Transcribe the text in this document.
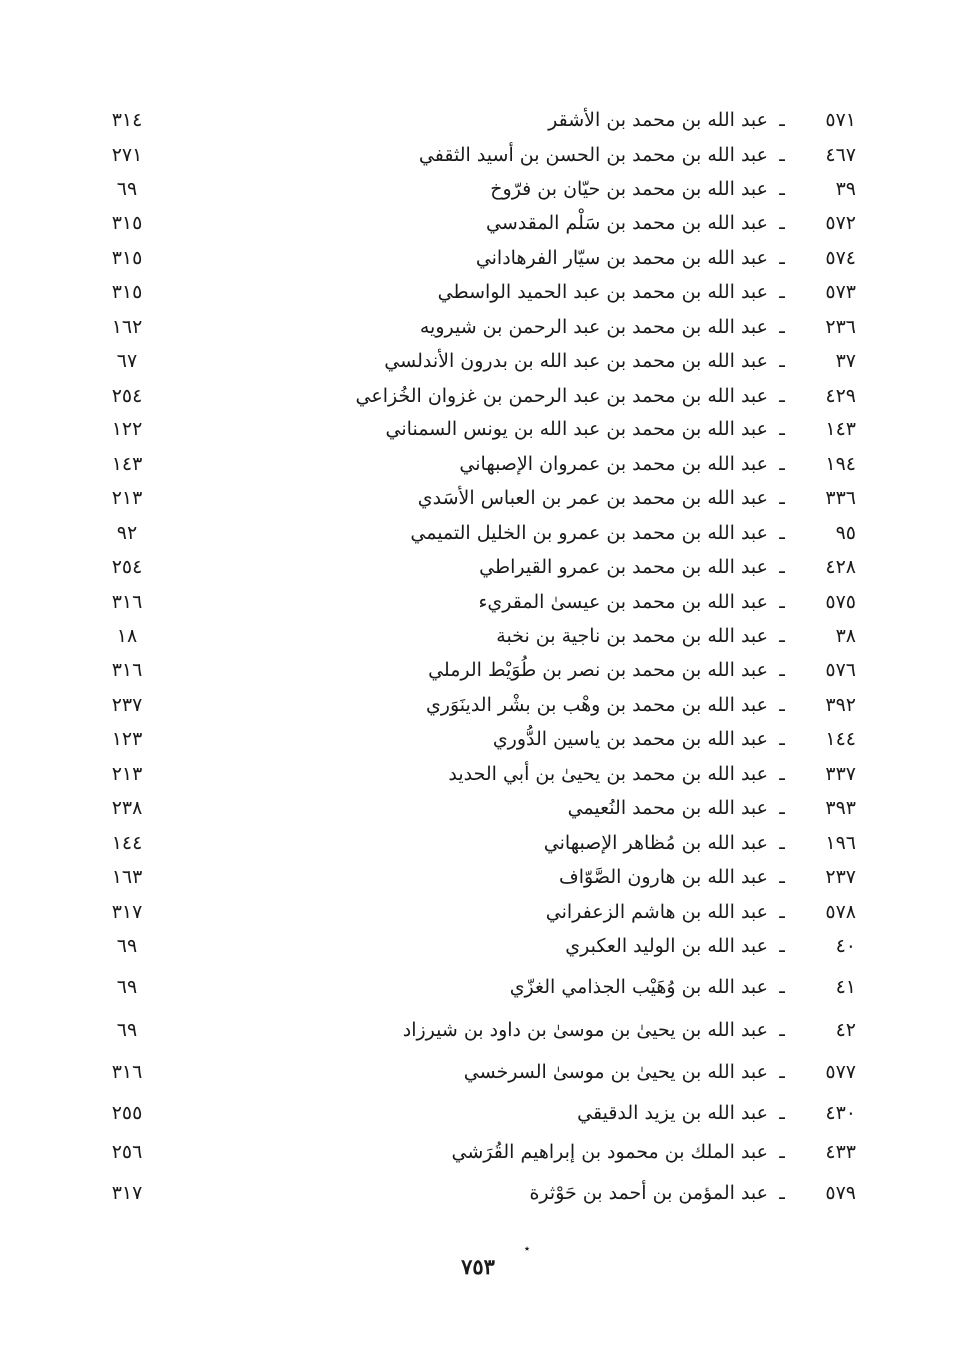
٥٧١
ـ
عبد الله بن محمد بن الأشقر
٣١٤
٤٦٧
ـ
عبد الله بن محمد بن الحسن بن أسيد الثقفي
٢٧١
٣٩
ـ
عبد الله بن محمد بن حيّان بن فرّوخ
٦٩
٥٧٢
ـ
عبد الله بن محمد بن سَلْم المقدسي
٣١٥
٥٧٤
ـ
عبد الله بن محمد بن سيّار الفرهاداني
٣١٥
٥٧٣
ـ
عبد الله بن محمد بن عبد الحميد الواسطي
٣١٥
٢٣٦
ـ
عبد الله بن محمد بن عبد الرحمن بن شيرويه
١٦٢
٣٧
ـ
عبد الله بن محمد بن عبد الله بن بدرون الأندلسي
٦٧
٤٢٩
ـ
عبد الله بن محمد بن عبد الرحمن بن غزوان الخُزاعي
٢٥٤
١٤٣
ـ
عبد الله بن محمد بن عبد الله بن يونس السمناني
١٢٢
١٩٤
ـ
عبد الله بن محمد بن عمروان الإصبهاني
١٤٣
٣٣٦
ـ
عبد الله بن محمد بن عمر بن العباس الأسَدي
٢١٣
٩٥
ـ
عبد الله بن محمد بن عمرو بن الخليل التميمي
٩٢
٤٢٨
ـ
عبد الله بن محمد بن عمرو القيراطي
٢٥٤
٥٧٥
ـ
عبد الله بن محمد بن عيسىٰ المقريء
٣١٦
٣٨
ـ
عبد الله بن محمد بن ناجية بن نخبة
١٨
٥٧٦
ـ
عبد الله بن محمد بن نصر بن طُوَيْط الرملي
٣١٦
٣٩٢
ـ
عبد الله بن محمد بن وهْب بن بشْر الدينَوَري
٢٣٧
١٤٤
ـ
عبد الله بن محمد بن ياسين الدُّوري
١٢٣
٣٣٧
ـ
عبد الله بن محمد بن يحيىٰ بن أبي الحديد
٢١٣
٣٩٣
ـ
عبد الله بن محمد النُعيمي
٢٣٨
١٩٦
ـ
عبد الله بن مُظاهر الإصبهاني
١٤٤
٢٣٧
ـ
عبد الله بن هارون الصَّوّاف
١٦٣
٥٧٨
ـ
عبد الله بن هاشم الزعفراني
٣١٧
٤٠
ـ
عبد الله بن الوليد العكبري
٦٩
٤١
ـ
عبد الله بن وُهَيْب الجذامي الغزّي
٦٩
٤٢
ـ
عبد الله بن يحيىٰ بن موسىٰ بن داود بن شيرزاد
٦٩
٥٧٧
ـ
عبد الله بن يحيىٰ بن موسىٰ السرخسي
٣١٦
٤٣٠
ـ
عبد الله بن يزيد الدقيقي
٢٥٥
٤٣٣
ـ
عبد الملك بن محمود بن إبراهيم القُرَشي
٢٥٦
٥٧٩
ـ
عبد المؤمن بن أحمد بن حَوْثرة
٣١٧
٧٥٣
٭
